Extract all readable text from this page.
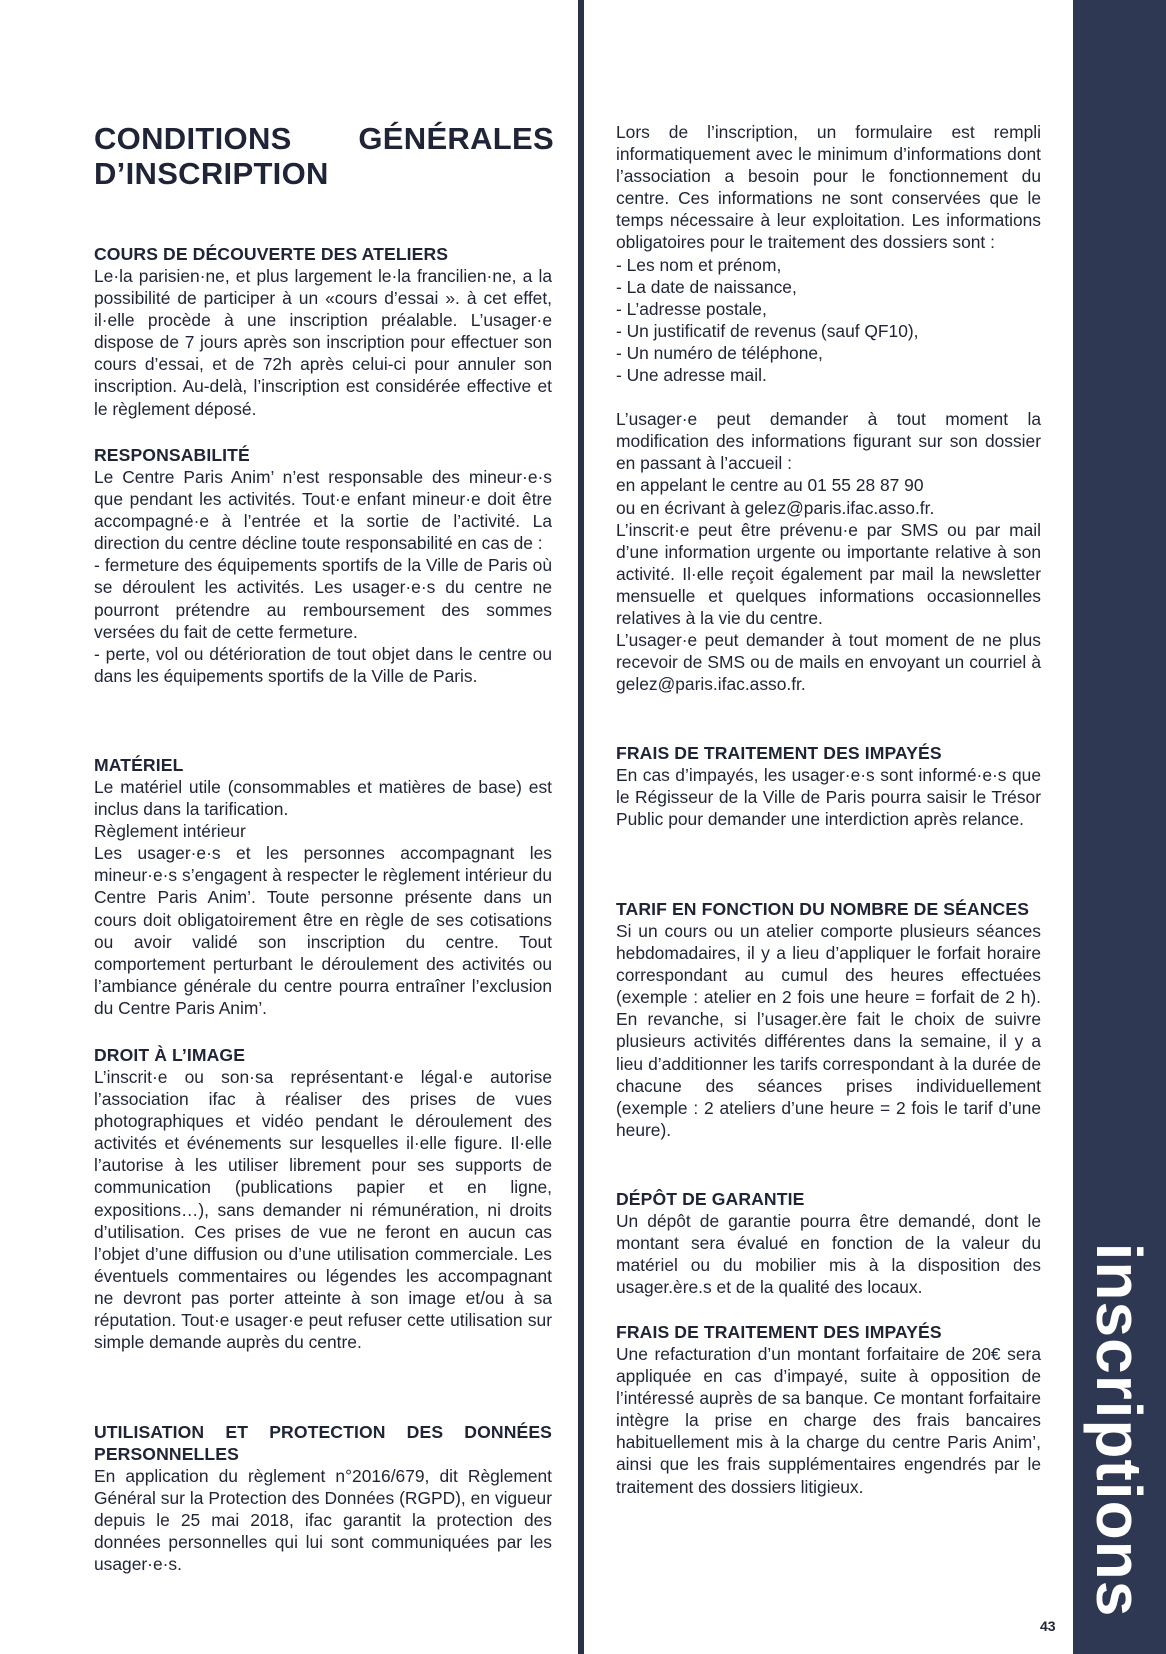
inscriptions
43
CONDITIONS GÉNÉRALES D’INSCRIPTION
COURS DE DÉCOUVERTE DES ATELIERS

Le·la parisien·ne, et plus largement le·la francilien·ne, a la possibilité de participer à un «cours d’essai ». à cet effet, il·elle procède à une inscription préalable. L’usager·e dispose de 7 jours après son inscription pour effectuer son cours d’essai, et de 72h après celui-ci pour annuler son inscription. Au-delà, l’inscription est considérée effective et le règlement déposé.

RESPONSABILITÉ

Le Centre Paris Anim’ n’est responsable des mineur·e·s que pendant les activités. Tout·e enfant mineur·e doit être accompagné·e à l’entrée et la sortie de l’activité. La direction du centre décline toute responsabilité en cas de :

- fermeture des équipements sportifs de la Ville de Paris où se déroulent les activités. Les usager·e·s du centre ne pourront prétendre au remboursement des sommes versées du fait de cette fermeture.

- perte, vol ou détérioration de tout objet dans le centre ou dans les équipements sportifs de la Ville de Paris.

MATÉRIEL

Le matériel utile (consommables et matières de base) est inclus dans la tarification.

Règlement intérieur

Les usager·e·s et les personnes accompagnant les mineur·e·s s’engagent à respecter le règlement intérieur du Centre Paris Anim’. Toute personne présente dans un cours doit obligatoirement être en règle de ses cotisations ou avoir validé son inscription du centre. Tout comportement perturbant le déroulement des activités ou l’ambiance générale du centre pourra entraîner l’exclusion du Centre Paris Anim’.

DROIT À L’IMAGE

L’inscrit·e ou son·sa représentant·e légal·e autorise l’association ifac à réaliser des prises de vues photographiques et vidéo pendant le déroulement des activités et événements sur lesquelles il·elle figure. Il·elle l’autorise à les utiliser librement pour ses supports de communication (publications papier et en ligne, expositions…), sans demander ni rémunération, ni droits d’utilisation. Ces prises de vue ne feront en aucun cas l’objet d’une diffusion ou d’une utilisation commerciale. Les éventuels commentaires ou légendes les accompagnant ne devront pas porter atteinte à son image et/ou à sa réputation. Tout·e usager·e peut refuser cette utilisation sur simple demande auprès du centre.

UTILISATION ET PROTECTION DES DONNÉES PERSONNELLES

En application du règlement n°2016/679, dit Règlement Général sur la Protection des Données (RGPD), en vigueur depuis le 25 mai 2018, ifac garantit la protection des données personnelles qui lui sont communiquées par les usager·e·s.

Lors de l’inscription, un formulaire est rempli informatiquement avec le minimum d’informations dont l’association a besoin pour le fonctionnement du centre. Ces informations ne sont conservées que le temps nécessaire à leur exploitation. Les informations obligatoires pour le traitement des dossiers sont :

- Les nom et prénom,

- La date de naissance,

- L’adresse postale,

- Un justificatif de revenus (sauf QF10),

- Un numéro de téléphone,

- Une adresse mail.

L’usager·e peut demander à tout moment la modification des informations figurant sur son dossier en passant à l’accueil :

en appelant le centre au 01 55 28 87 90

ou en écrivant à gelez@paris.ifac.asso.fr.

L’inscrit·e peut être prévenu·e par SMS ou par mail d’une information urgente ou importante relative à son activité. Il·elle reçoit également par mail la newsletter mensuelle et quelques informations occasionnelles relatives à la vie du centre.

L’usager·e peut demander à tout moment de ne plus recevoir de SMS ou de mails en envoyant un courriel à gelez@paris.ifac.asso.fr.

FRAIS DE TRAITEMENT DES IMPAYÉS

En cas d’impayés, les usager·e·s sont informé·e·s que le Régisseur de la Ville de Paris pourra saisir le Trésor Public pour demander une interdiction après relance.

TARIF EN FONCTION DU NOMBRE DE SÉANCES

Si un cours ou un atelier comporte plusieurs séances hebdomadaires, il y a lieu d’appliquer le forfait horaire correspondant au cumul des heures effectuées (exemple : atelier en 2 fois une heure = forfait de 2 h). En revanche, si l’usager.ère fait le choix de suivre plusieurs activités différentes dans la semaine, il y a lieu d’additionner les tarifs correspondant à la durée de chacune des séances prises individuellement (exemple : 2 ateliers d’une heure = 2 fois le tarif d’une heure).

DÉPÔT DE GARANTIE

Un dépôt de garantie pourra être demandé, dont le montant sera évalué en fonction de la valeur du matériel ou du mobilier mis à la disposition des usager.ère.s et de la qualité des locaux.

FRAIS DE TRAITEMENT DES IMPAYÉS

Une refacturation d’un montant forfaitaire de 20€ sera appliquée en cas d’impayé, suite à opposition de l’intéressé auprès de sa banque. Ce montant forfaitaire intègre la prise en charge des frais bancaires habituellement mis à la charge du centre Paris Anim’, ainsi que les frais supplémentaires engendrés par le traitement des dossiers litigieux.
